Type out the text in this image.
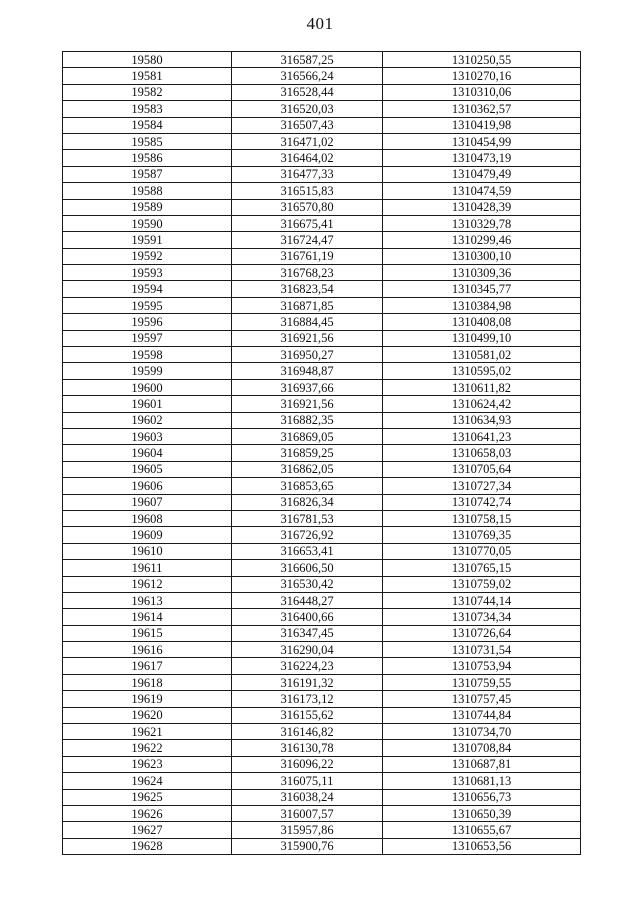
401
19580	316587,25	1310250,55
19581	316566,24	1310270,16
19582	316528,44	1310310,06
19583	316520,03	1310362,57
19584	316507,43	1310419,98
19585	316471,02	1310454,99
19586	316464,02	1310473,19
19587	316477,33	1310479,49
19588	316515,83	1310474,59
19589	316570,80	1310428,39
19590	316675,41	1310329,78
19591	316724,47	1310299,46
19592	316761,19	1310300,10
19593	316768,23	1310309,36
19594	316823,54	1310345,77
19595	316871,85	1310384,98
19596	316884,45	1310408,08
19597	316921,56	1310499,10
19598	316950,27	1310581,02
19599	316948,87	1310595,02
19600	316937,66	1310611,82
19601	316921,56	1310624,42
19602	316882,35	1310634,93
19603	316869,05	1310641,23
19604	316859,25	1310658,03
19605	316862,05	1310705,64
19606	316853,65	1310727,34
19607	316826,34	1310742,74
19608	316781,53	1310758,15
19609	316726,92	1310769,35
19610	316653,41	1310770,05
19611	316606,50	1310765,15
19612	316530,42	1310759,02
19613	316448,27	1310744,14
19614	316400,66	1310734,34
19615	316347,45	1310726,64
19616	316290,04	1310731,54
19617	316224,23	1310753,94
19618	316191,32	1310759,55
19619	316173,12	1310757,45
19620	316155,62	1310744,84
19621	316146,82	1310734,70
19622	316130,78	1310708,84
19623	316096,22	1310687,81
19624	316075,11	1310681,13
19625	316038,24	1310656,73
19626	316007,57	1310650,39
19627	315957,86	1310655,67
19628	315900,76	1310653,56
